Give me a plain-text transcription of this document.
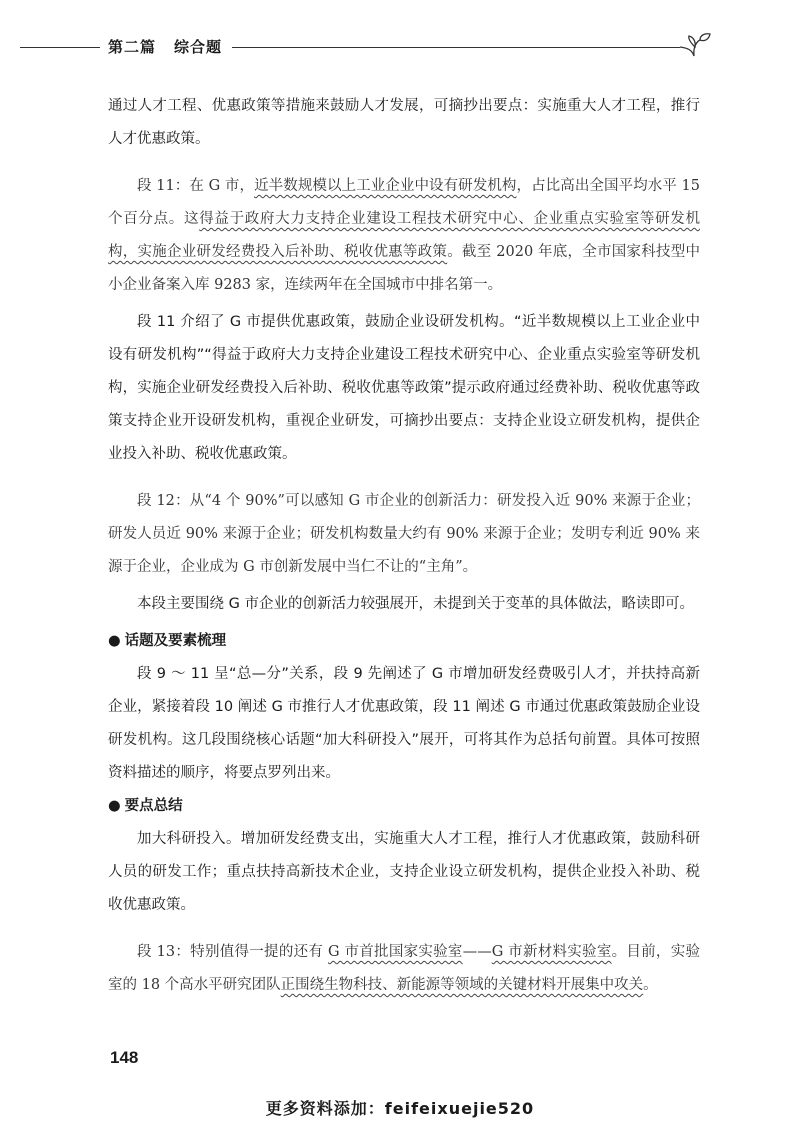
第二篇 综合题

通过人才工程、优惠政策等措施来鼓励人才发展，可摘抄出要点：实施重大人才工程，推行人才优惠政策。

段 11：在 G 市，近半数规模以上工业企业中设有研发机构，占比高出全国平均水平 15 个百分点。这得益于政府大力支持企业建设工程技术研究中心、企业重点实验室等研发机构，实施企业研发经费投入后补助、税收优惠等政策。截至 2020 年底，全市国家科技型中小企业备案入库 9283 家，连续两年在全国城市中排名第一。

段 11 介绍了 G 市提供优惠政策，鼓励企业设研发机构。“近半数规模以上工业企业中设有研发机构”“得益于政府大力支持企业建设工程技术研究中心、企业重点实验室等研发机构，实施企业研发经费投入后补助、税收优惠等政策”提示政府通过经费补助、税收优惠等政策支持企业开设研发机构，重视企业研发，可摘抄出要点：支持企业设立研发机构，提供企业投入补助、税收优惠政策。

段 12：从“4 个 90%”可以感知 G 市企业的创新活力：研发投入近 90% 来源于企业；研发人员近 90% 来源于企业；研发机构数量大约有 90% 来源于企业；发明专利近 90% 来源于企业，企业成为 G 市创新发展中当仁不让的“主角”。

本段主要围绕 G 市企业的创新活力较强展开，未提到关于变革的具体做法，略读即可。

● 话题及要素梳理

段 9 ～ 11 呈“总—分”关系，段 9 先阐述了 G 市增加研发经费吸引人才，并扶持高新企业，紧接着段 10 阐述 G 市推行人才优惠政策，段 11 阐述 G 市通过优惠政策鼓励企业设研发机构。这几段围绕核心话题“加大科研投入”展开，可将其作为总括句前置。具体可按照资料描述的顺序，将要点罗列出来。

● 要点总结

加大科研投入。增加研发经费支出，实施重大人才工程，推行人才优惠政策，鼓励科研人员的研发工作；重点扶持高新技术企业，支持企业设立研发机构，提供企业投入补助、税收优惠政策。

段 13：特别值得一提的还有 G 市首批国家实验室——G 市新材料实验室。目前，实验室的 18 个高水平研究团队正围绕生物科技、新能源等领域的关键材料开展集中攻关。

148
更多资料添加：feifeixuejie520
